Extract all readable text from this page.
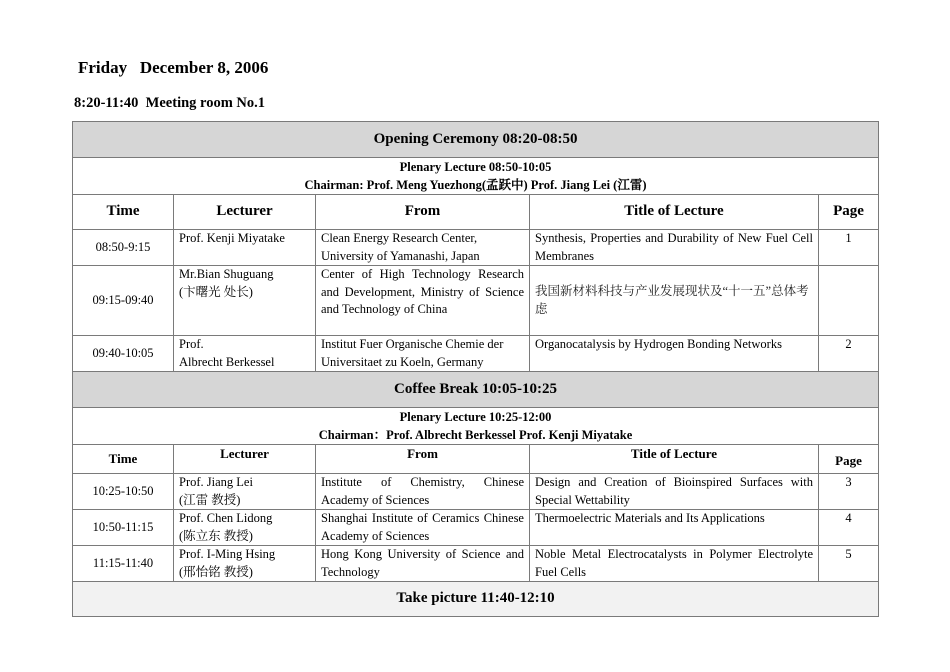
Friday   December 8, 2006
8:20-11:40  Meeting room No.1
Opening Ceremony 08:20-08:50				

Plenary Lecture 08:50-10:05
Chairman: Prof. Meng Yuezhong(孟跃中) Prof. Jiang Lei (江雷)				

Time	Lecturer	From	Title of Lecture	Page
08:50-9:15	Prof. Kenji Miyatake	Clean Energy Research Center, University of Yamanashi, Japan	Synthesis, Properties and Durability of New Fuel Cell Membranes	1
09:15-09:40	Mr.Bian Shuguang
(卞曙光 处长)	Center of High Technology Research and Development, Ministry of Science and Technology of China	我国新材料科技与产业发展现状及“十一五”总体考虑	
09:40-10:05	Prof.
Albrecht Berkessel	Institut Fuer Organische Chemie der Universitaet zu Koeln, Germany	Organocatalysis by Hydrogen Bonding Networks	2
Coffee Break 10:05-10:25				

Plenary Lecture 10:25-12:00
Chairman：Prof. Albrecht Berkessel Prof. Kenji Miyatake				

Time	Lecturer	From	Title of Lecture	Page
10:25-10:50	Prof. Jiang Lei
(江雷 教授)	Institute of Chemistry, Chinese Academy of Sciences	Design and Creation of Bioinspired Surfaces with Special Wettability	3
10:50-11:15	Prof. Chen Lidong
(陈立东 教授)	Shanghai Institute of Ceramics Chinese Academy of Sciences	Thermoelectric Materials and Its Applications	4
11:15-11:40	Prof. I-Ming Hsing
(邢怡铭 教授)	Hong Kong University of Science and Technology	Noble Metal Electrocatalysts in Polymer Electrolyte Fuel Cells	5
Take picture 11:40-12:10				
